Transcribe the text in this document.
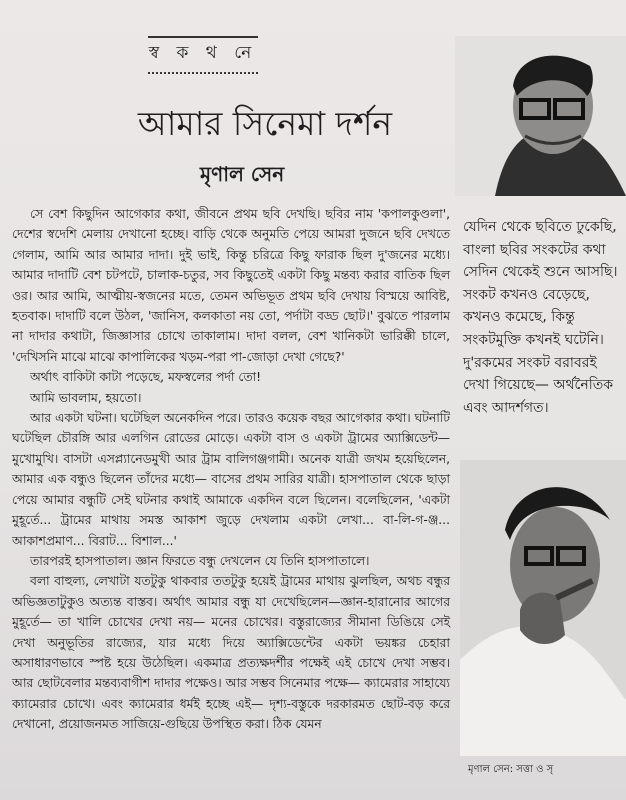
স্ব ক থ নে
আমার সিনেমা দর্শন
মৃণাল সেন

সে বেশ কিছুদিন আগেকার কথা, জীবনে প্রথম ছবি দেখছি। ছবির নাম 'কপালকুণ্ডলা', দেশের স্বদেশি মেলায় দেখানো হচ্ছে। বাড়ি থেকে অনুমতি পেয়ে আমরা দুজনে ছবি দেখতে গেলাম, আমি আর আমার দাদা। দুই ভাই, কিন্তু চরিত্রে কিছু ফারাক ছিল দু'জনের মধ্যে। আমার দাদাটি বেশ চটপটে, চালাক-চতুর, সব কিছুতেই একটা কিছু মন্তব্য করার বাতিক ছিল ওর। আর আমি, আত্মীয়-স্বজনের মতে, তেমন অভিভূত প্রথম ছবি দেখায় বিস্ময়ে আবিষ্ট, হতবাক। দাদাটি বলে উঠল, 'জানিস, কলকাতা নয় তো, পর্দাটা বড্ড ছোট।' বুঝতে পারলাম না দাদার কথাটা, জিজ্ঞাসার চোখে তাকালাম। দাদা বলল, বেশ খানিকটা ভারিক্কী চালে, 'দেখিসনি মাঝে মাঝে কাপালিকের খড়ম-পরা পা-জোড়া দেখা গেছে?'

অর্থাৎ বাকিটা কাটা পড়েছে, মফস্বলের পর্দা তো!

আমি ভাবলাম, হয়তো।

আর একটা ঘটনা। ঘটেছিল অনেকদিন পরে। তারও কয়েক বছর আগেকার কথা। ঘটনাটি ঘটেছিল চৌরঙ্গি আর এলগিন রোডের মোড়ে। একটা বাস ও একটা ট্রামের অ্যাক্সিডেন্ট— মুখোমুখি। বাসটা এসপ্ল্যানেডমুখী আর ট্রাম বালিগঞ্জগামী। অনেক যাত্রী জখম হয়েছিলেন, আমার এক বন্ধুও ছিলেন তাঁদের মধ্যে— বাসের প্রথম সারির যাত্রী। হাসপাতাল থেকে ছাড়া পেয়ে আমার বন্ধুটি সেই ঘটনার কথাই আমাকে একদিন বলে ছিলেন। বলেছিলেন, 'একটা মুহূর্তে... ট্রামের মাথায় সমস্ত আকাশ জুড়ে দেখলাম একটা লেখা... বা-লি-গ-ঞ্জ... আকাশপ্রমাণ... বিরাট... বিশাল...'

তারপরই হাসপাতাল। জ্ঞান ফিরতে বন্ধু দেখলেন যে তিনি হাসপাতালে।

বলা বাহুল্য, লেখাটা যতটুকু থাকবার ততটুকু হয়েই ট্রামের মাথায় ঝুলছিল, অথচ বন্ধুর অভিজ্ঞতাটুকুও অত্যন্ত বাস্তব। অর্থাৎ আমার বন্ধু যা দেখেছিলেন—জ্ঞান-হারানোর আগের মুহূর্তে— তা খালি চোখের দেখা নয়— মনের চোখের। বস্তুরাজ্যের সীমানা ডিঙিয়ে সেই দেখা অনুভূতির রাজ্যের, যার মধ্যে দিয়ে অ্যাক্সিডেন্টের একটা ভয়ঙ্কর চেহারা অসাধারণভাবে স্পষ্ট হয়ে উঠেছিল। একমাত্র প্রত্যক্ষদর্শীর পক্ষেই এই চোখে দেখা সম্ভব। আর ছোটবেলার মন্তব্যবাগীশ দাদার পক্ষেও। আর সম্ভব সিনেমার পক্ষে— ক্যামেরার সাহায্যে ক্যামেরার চোখে। এবং ক্যামেরার ধর্মই হচ্ছে এই— দৃশ্য-বস্তুকে দরকারমত ছোট-বড় করে দেখানো, প্রয়োজনমত সাজিয়ে-গুছিয়ে উপস্থিত করা। ঠিক যেমন

যেদিন থেকে ছবিতে ঢুকেছি, বাংলা ছবির সংকটের কথা সেদিন থেকেই শুনে আসছি। সংকট কখনও বেড়েছে, কখনও কমেছে, কিন্তু সংকটমুক্তি কখনই ঘটেনি। দু'রকমের সংকট বরাবরই দেখা গিয়েছে— অর্থনৈতিক এবং আদর্শগত।
মৃণাল সেন: সত্তা ও সৃ
